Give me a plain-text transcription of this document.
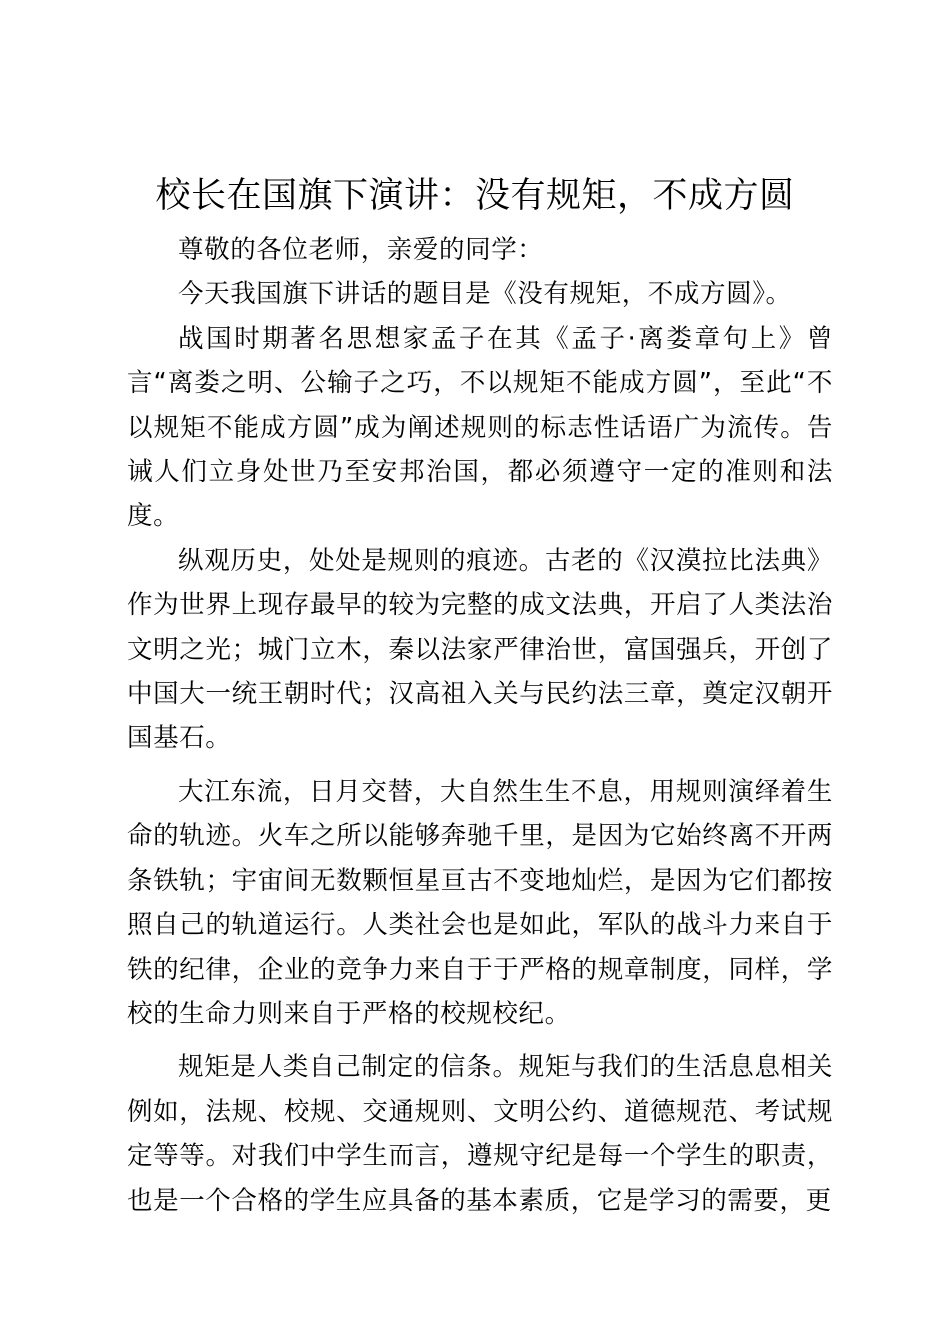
校长在国旗下演讲：没有规矩，不成方圆

尊敬的各位老师，亲爱的同学：

今天我国旗下讲话的题目是《没有规矩，不成方圆》。

战国时期著名思想家孟子在其《孟子·离娄章句上》曾言“离娄之明、公输子之巧，不以规矩不能成方圆”，至此“不以规矩不能成方圆”成为阐述规则的标志性话语广为流传。告诫人们立身处世乃至安邦治国，都必须遵守一定的准则和法度。

纵观历史，处处是规则的痕迹。古老的《汉漠拉比法典》作为世界上现存最早的较为完整的成文法典，开启了人类法治文明之光；城门立木，秦以法家严律治世，富国强兵，开创了中国大一统王朝时代；汉高祖入关与民约法三章，奠定汉朝开国基石。

大江东流，日月交替，大自然生生不息，用规则演绎着生命的轨迹。火车之所以能够奔驰千里，是因为它始终离不开两条铁轨；宇宙间无数颗恒星亘古不变地灿烂，是因为它们都按照自己的轨道运行。人类社会也是如此，军队的战斗力来自于铁的纪律，企业的竞争力来自于于严格的规章制度，同样，学校的生命力则来自于严格的校规校纪。

规矩是人类自己制定的信条。规矩与我们的生活息息相关例如，法规、校规、交通规则、文明公约、道德规范、考试规定等等。对我们中学生而言，遵规守纪是每一个学生的职责，也是一个合格的学生应具备的基本素质，它是学习的需要，更
